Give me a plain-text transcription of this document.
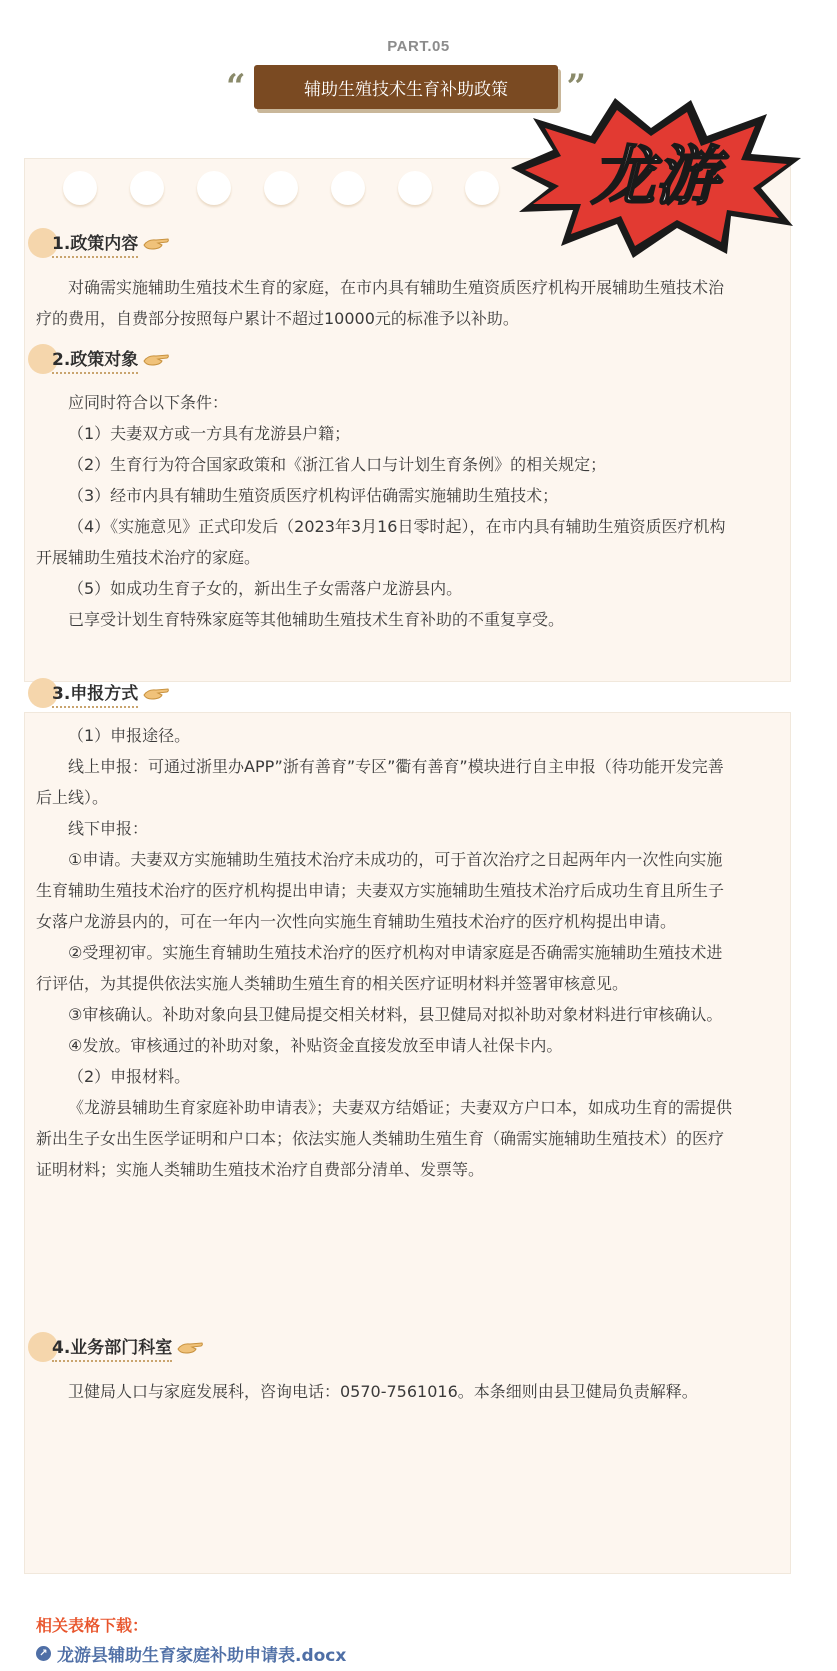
PART.05
“	辅助生殖技术生育补助政策	”
龙游
1.政策内容

对确需实施辅助生殖技术生育的家庭，在市内具有辅助生殖资质医疗机构开展辅助生殖技术治疗的费用，自费部分按照每户累计不超过10000元的标准予以补助。

2.政策对象

应同时符合以下条件：

（1）夫妻双方或一方具有龙游县户籍；

（2）生育行为符合国家政策和《浙江省人口与计划生育条例》的相关规定；

（3）经市内具有辅助生殖资质医疗机构评估确需实施辅助生殖技术；

（4）《实施意见》正式印发后（2023年3月16日零时起），在市内具有辅助生殖资质医疗机构开展辅助生殖技术治疗的家庭。

（5）如成功生育子女的，新出生子女需落户龙游县内。

已享受计划生育特殊家庭等其他辅助生殖技术生育补助的不重复享受。

3.申报方式

（1）申报途径。

线上申报：可通过浙里办APP”浙有善育”专区”衢有善育”模块进行自主申报（待功能开发完善后上线）。

线下申报：

①申请。夫妻双方实施辅助生殖技术治疗未成功的，可于首次治疗之日起两年内一次性向实施生育辅助生殖技术治疗的医疗机构提出申请；夫妻双方实施辅助生殖技术治疗后成功生育且所生子女落户龙游县内的，可在一年内一次性向实施生育辅助生殖技术治疗的医疗机构提出申请。

②受理初审。实施生育辅助生殖技术治疗的医疗机构对申请家庭是否确需实施辅助生殖技术进行评估，为其提供依法实施人类辅助生殖生育的相关医疗证明材料并签署审核意见。

③审核确认。补助对象向县卫健局提交相关材料，县卫健局对拟补助对象材料进行审核确认。

④发放。审核通过的补助对象，补贴资金直接发放至申请人社保卡内。

（2）申报材料。

《龙游县辅助生育家庭补助申请表》；夫妻双方结婚证；夫妻双方户口本，如成功生育的需提供新出生子女出生医学证明和户口本；依法实施人类辅助生殖生育（确需实施辅助生殖技术）的医疗证明材料；实施人类辅助生殖技术治疗自费部分清单、发票等。

4.业务部门科室

卫健局人口与家庭发展科，咨询电话：0570-7561016。本条细则由县卫健局负责解释。

相关表格下载：
↗ 龙游县辅助生育家庭补助申请表.docx
